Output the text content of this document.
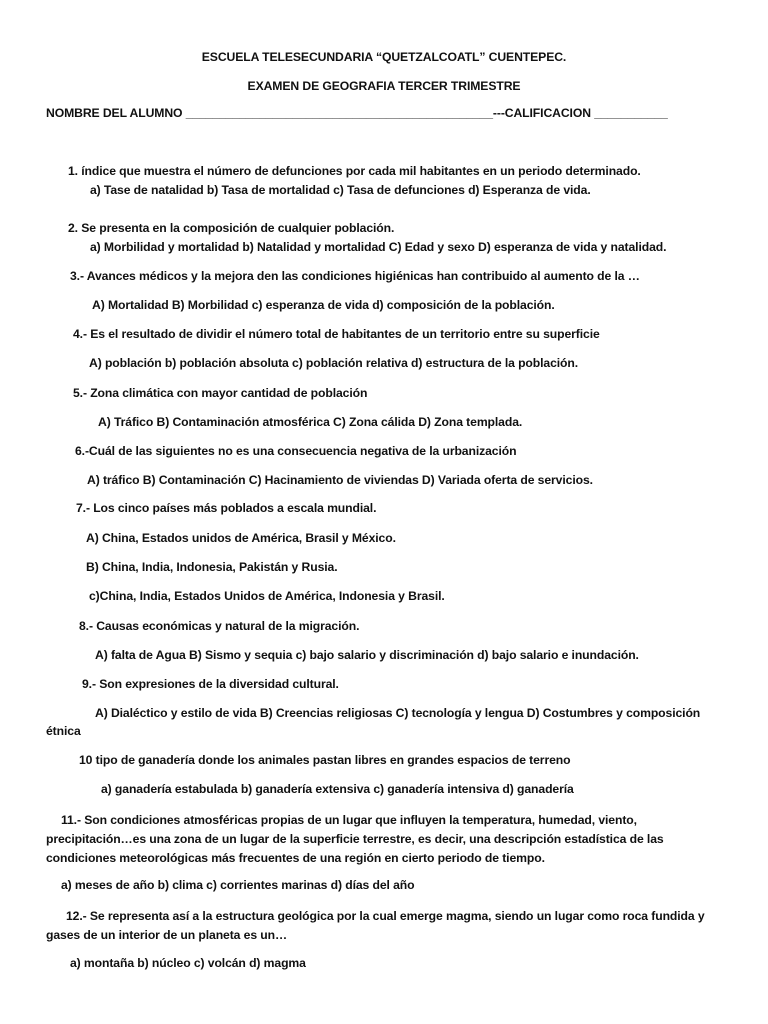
ESCUELA TELESECUNDARIA “QUETZALCOATL” CUENTEPEC.
EXAMEN DE GEOGRAFIA TERCER TRIMESTRE
NOMBRE DEL ALUMNO ______________________________________________---CALIFICACION ___________
1. índice que muestra el número de defunciones por cada mil habitantes en un periodo determinado.
a) Tase de natalidad b) Tasa de mortalidad c) Tasa de defunciones d) Esperanza de vida.
2. Se presenta en la composición de cualquier población.
a) Morbilidad y mortalidad b) Natalidad y mortalidad C) Edad y sexo D) esperanza de vida y natalidad.
3.- Avances médicos y la mejora den las condiciones higiénicas han contribuido al aumento de la …
A) Mortalidad B) Morbilidad c) esperanza de vida d) composición de la población.
4.- Es el resultado de dividir el número total de habitantes de un territorio entre su superficie
A) población b) población absoluta c) población relativa d) estructura de la población.
5.- Zona climática con mayor cantidad de población
A) Tráfico B) Contaminación atmosférica C) Zona cálida D) Zona templada.
6.-Cuál de las siguientes no es una consecuencia negativa de la urbanización
A) tráfico B) Contaminación C) Hacinamiento de viviendas D) Variada oferta de servicios.
7.- Los cinco países más poblados a escala mundial.
A) China, Estados unidos de América, Brasil y México.
B) China, India, Indonesia, Pakistán y Rusia.
c)China, India, Estados Unidos de América, Indonesia y Brasil.
8.- Causas económicas y natural de la migración.
A) falta de Agua B) Sismo y sequia c) bajo salario y discriminación d) bajo salario e inundación.
9.- Son expresiones de la diversidad cultural.
A) Dialéctico y estilo de vida B) Creencias religiosas C) tecnología y lengua D) Costumbres y composición
étnica
10 tipo de ganadería donde los animales pastan libres en grandes espacios de terreno
a) ganadería estabulada b) ganadería extensiva c) ganadería intensiva d) ganadería
11.- Son condiciones atmosféricas propias de un lugar que influyen la temperatura, humedad, viento, precipitación…es una zona de un lugar de la superficie terrestre, es decir, una descripción estadística de las condiciones meteorológicas más frecuentes de una región en cierto periodo de tiempo.
a) meses de año b) clima c) corrientes marinas d) días del año
12.- Se representa así a la estructura geológica por la cual emerge magma, siendo un lugar como roca fundida y gases de un interior de un planeta es un…
a) montaña b) núcleo c) volcán d) magma
